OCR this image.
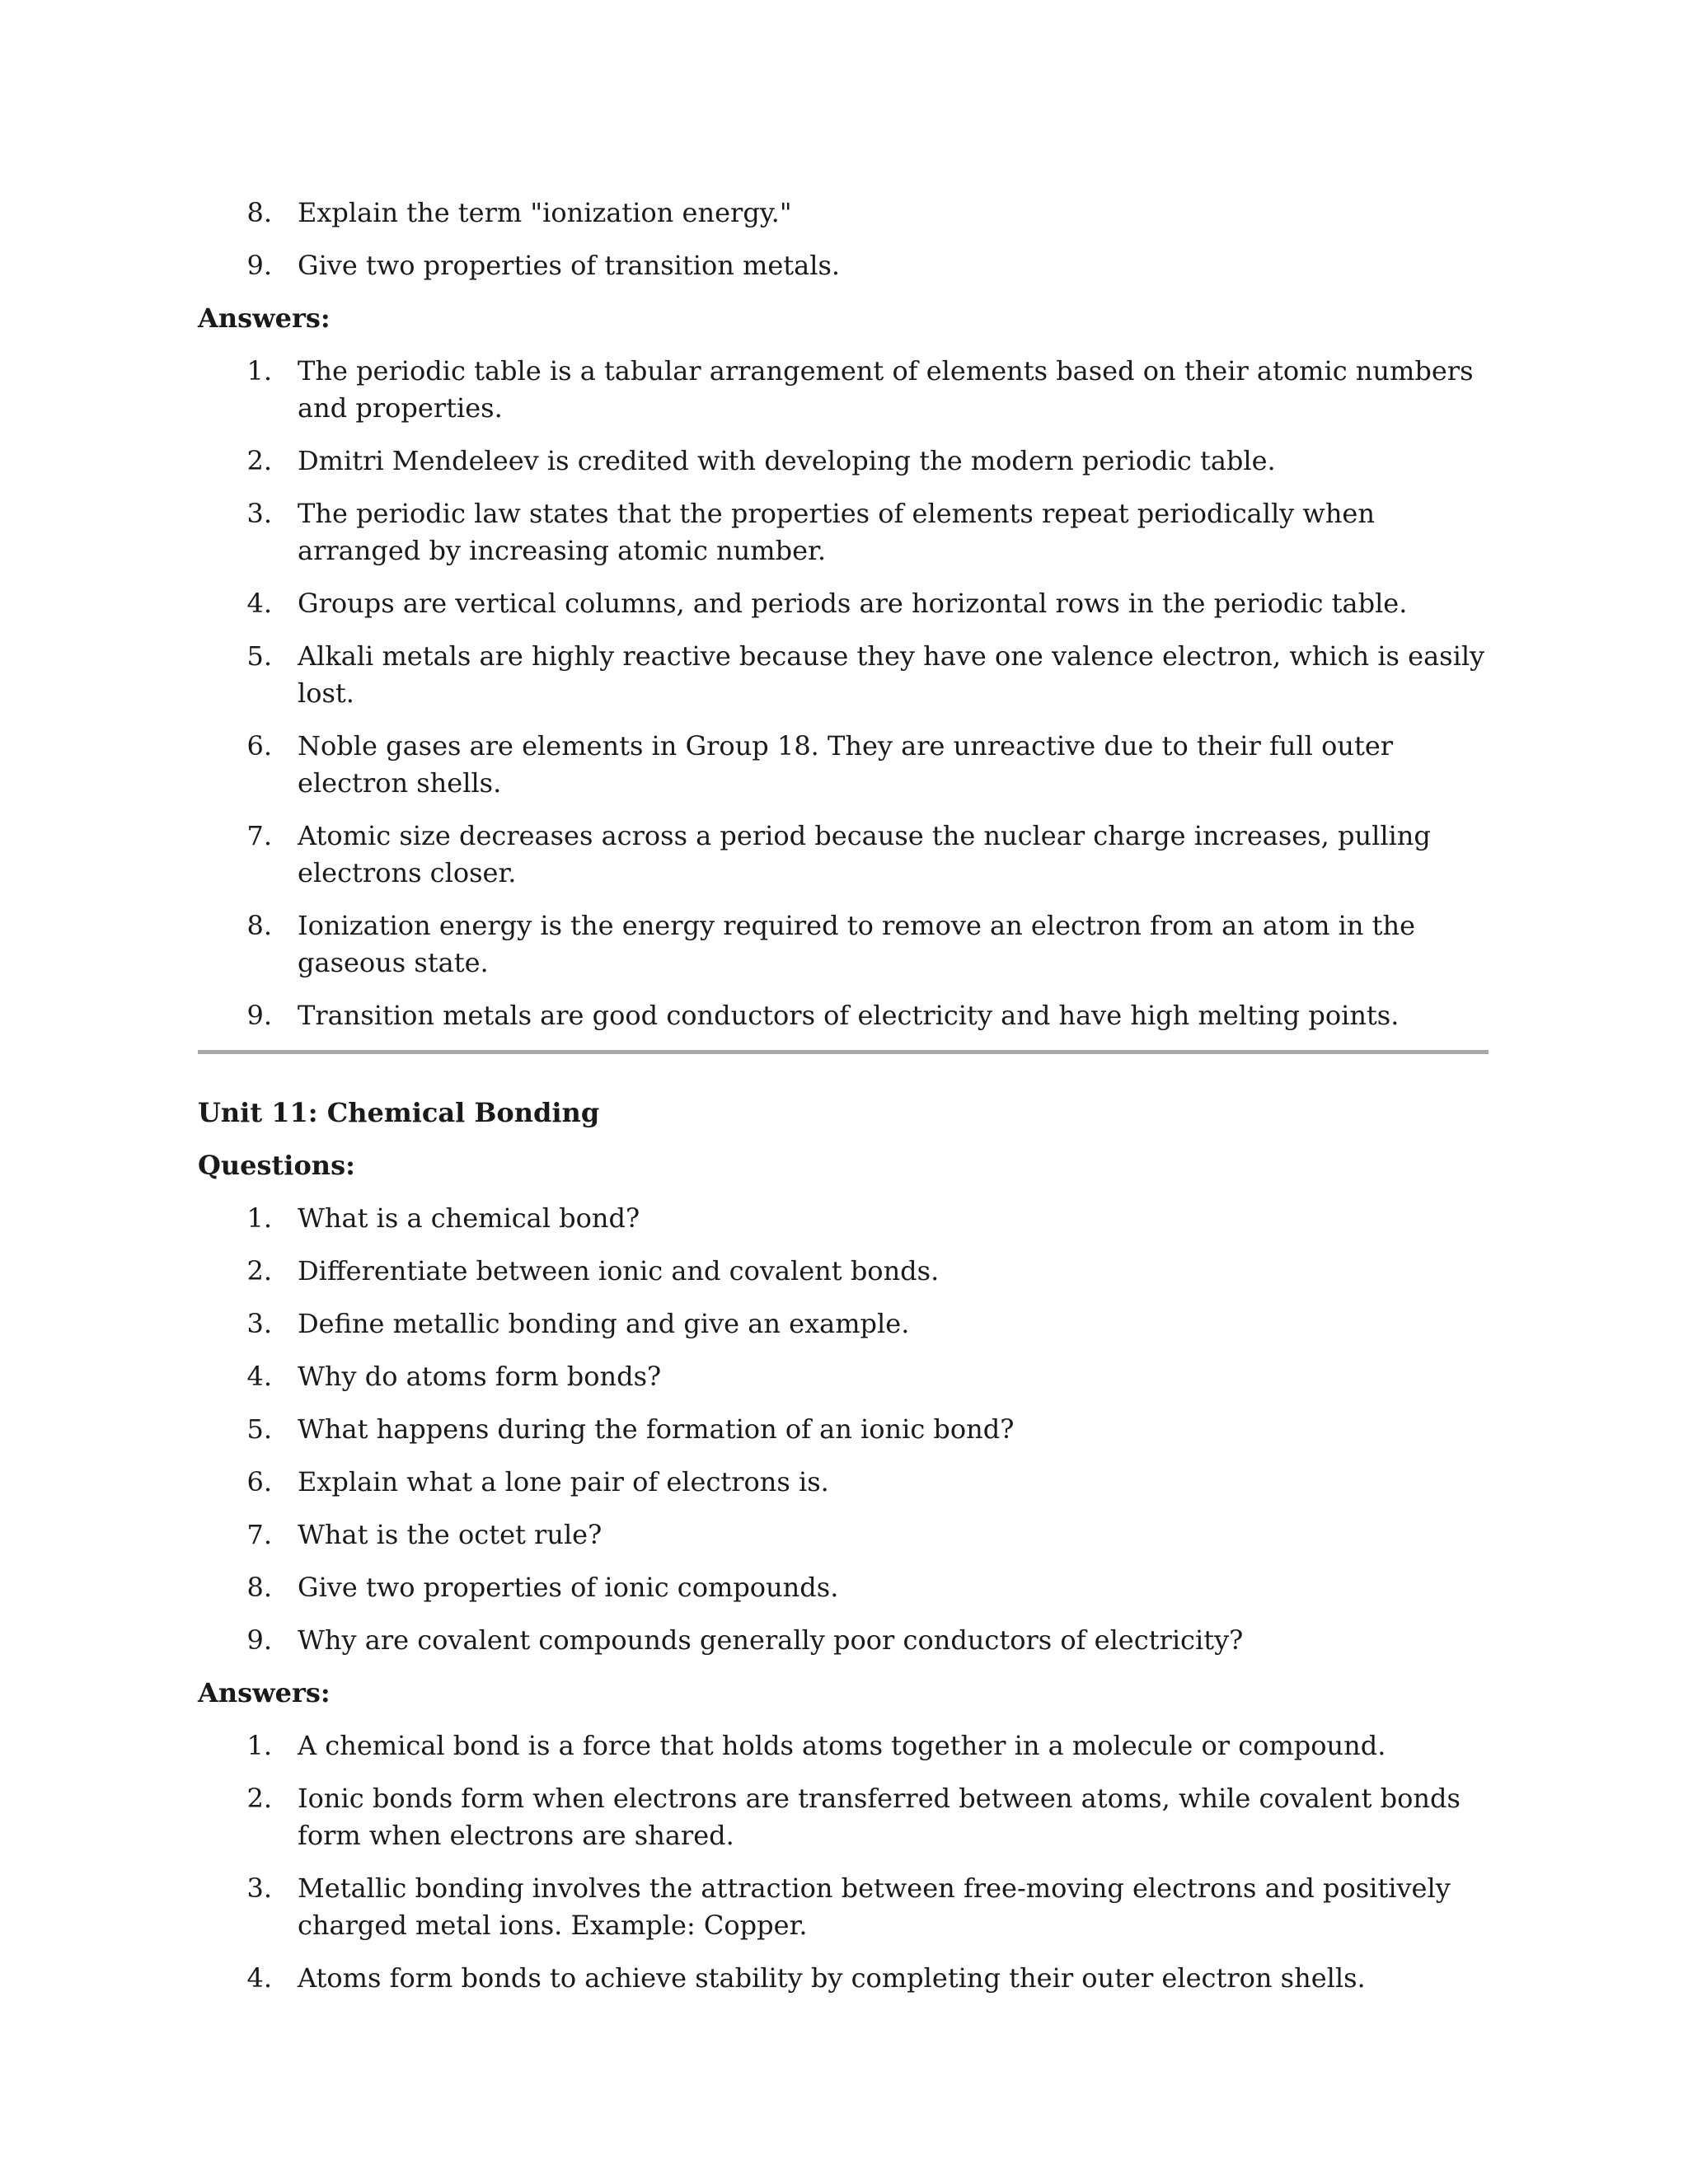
8. Explain the term "ionization energy."
9. Give two properties of transition metals.
Answers:
1. The periodic table is a tabular arrangement of elements based on their atomic numbers and properties.
2. Dmitri Mendeleev is credited with developing the modern periodic table.
3. The periodic law states that the properties of elements repeat periodically when arranged by increasing atomic number.
4. Groups are vertical columns, and periods are horizontal rows in the periodic table.
5. Alkali metals are highly reactive because they have one valence electron, which is easily lost.
6. Noble gases are elements in Group 18. They are unreactive due to their full outer electron shells.
7. Atomic size decreases across a period because the nuclear charge increases, pulling electrons closer.
8. Ionization energy is the energy required to remove an electron from an atom in the gaseous state.
9. Transition metals are good conductors of electricity and have high melting points.
Unit 11: Chemical Bonding
Questions:
1. What is a chemical bond?
2. Differentiate between ionic and covalent bonds.
3. Define metallic bonding and give an example.
4. Why do atoms form bonds?
5. What happens during the formation of an ionic bond?
6. Explain what a lone pair of electrons is.
7. What is the octet rule?
8. Give two properties of ionic compounds.
9. Why are covalent compounds generally poor conductors of electricity?
Answers:
1. A chemical bond is a force that holds atoms together in a molecule or compound.
2. Ionic bonds form when electrons are transferred between atoms, while covalent bonds form when electrons are shared.
3. Metallic bonding involves the attraction between free-moving electrons and positively charged metal ions. Example: Copper.
4. Atoms form bonds to achieve stability by completing their outer electron shells.
